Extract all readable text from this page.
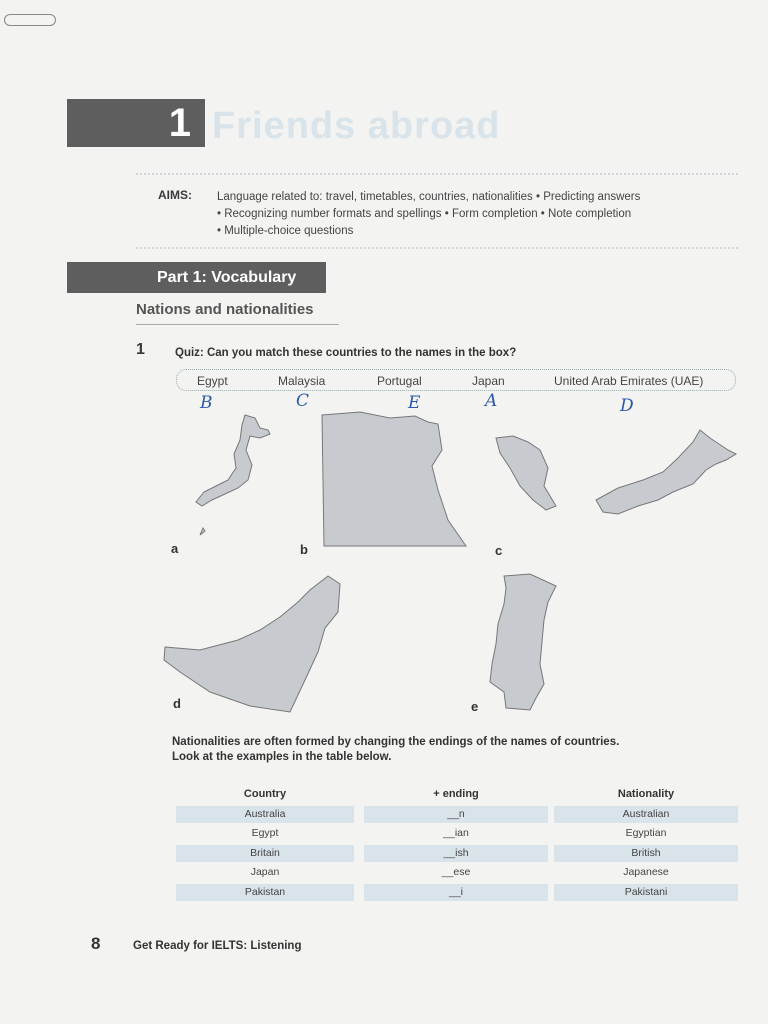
1 Friends abroad
AIMS: Language related to: travel, timetables, countries, nationalities • Predicting answers
• Recognizing number formats and spellings • Form completion • Note completion
• Multiple-choice questions
Part 1: Vocabulary
Nations and nationalities
1	Quiz: Can you match these countries to the names in the box?
Egypt	Malaysia	Portugal	Japan	United Arab Emirates (UAE)
B	C	E	A	D
a	b	c
d	e
Nationalities are often formed by changing the endings of the names of countries.
Look at the examples in the table below.
Country	+ ending	Nationality
Australia	__n	Australian
Egypt	__ian	Egyptian
Britain	__ish	British
Japan	__ese	Japanese
Pakistan	__i	Pakistani
8	Get Ready for IELTS: Listening
